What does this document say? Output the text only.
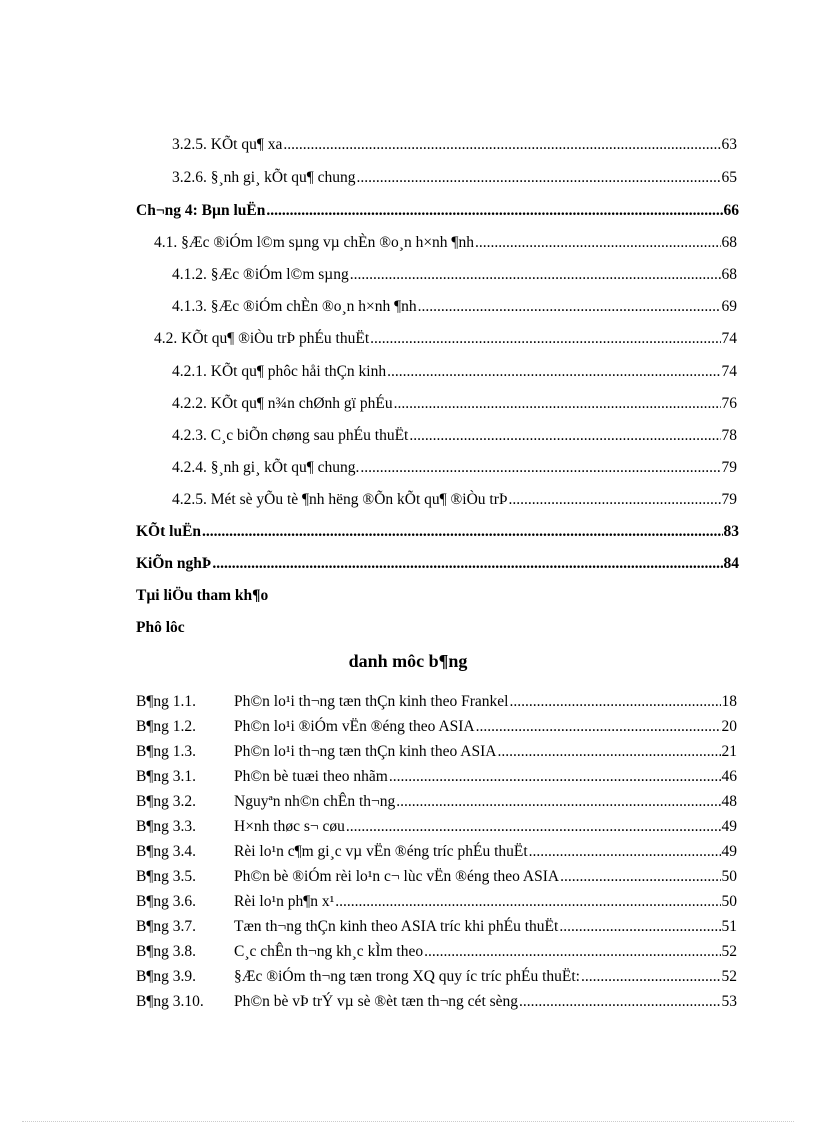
3.2.5. KÕt qu¶ xa .....	63
3.2.6. §¸nh gi¸ kÕt qu¶ chung .....	65
Ch¬ng 4: Bµn luËn .....	66
4.1. §Æc ®iÓm l©m sµng vµ chÈn ®o¸n h×nh ¶nh .....	68
4.1.2. §Æc ®iÓm l©m sµng .....	68
4.1.3. §Æc ®iÓm chÈn ®o¸n h×nh ¶nh .....	69
4.2. KÕt qu¶ ®iÒu trÞ phÉu thuËt .....	74
4.2.1. KÕt qu¶ phôc håi thÇn kinh .....	74
4.2.2. KÕt qu¶ n¾n chØnh gï phÉu .....	76
4.2.3. C¸c biÕn chøng sau phÉu thuËt .....	78
4.2.4. §¸nh gi¸ kÕt qu¶ chung. .....	79
4.2.5. Mét sè yÕu tè ¶nh hëng ®Õn kÕt qu¶ ®iÒu trÞ .....	79
KÕt luËn .....	83
KiÕn nghÞ .....	84
Tµi liÖu tham kh¶o
Phô lôc
danh môc b¶ng
B¶ng 1.1.	Ph©n lo¹i th¬ng tæn thÇn kinh theo Frankel .....	18
B¶ng 1.2.	Ph©n lo¹i ®iÓm vËn ®éng theo ASIA .....	20
B¶ng 1.3.	Ph©n lo¹i th¬ng tæn thÇn kinh theo ASIA .....	21
B¶ng 3.1.	Ph©n bè tuæi theo nhãm .....	46
B¶ng 3.2.	Nguyªn nh©n chÊn th¬ng .....	48
B¶ng 3.3.	H×nh thøc s¬ cøu .....	49
B¶ng 3.4.	Rèi lo¹n c¶m gi¸c vµ vËn ®éng tríc phÉu thuËt .....	49
B¶ng 3.5.	Ph©n bè ®iÓm rèi lo¹n c¬ lùc vËn ®éng theo ASIA .....	50
B¶ng 3.6.	Rèi lo¹n ph¶n x¹ .....	50
B¶ng 3.7.	Tæn th¬ng thÇn kinh theo ASIA tríc khi phÉu thuËt .....	51
B¶ng 3.8.	C¸c chÊn th¬ng kh¸c kÌm theo .....	52
B¶ng 3.9.	§Æc ®iÓm th¬ng tæn trong XQ quy íc tríc phÉu thuËt: .....	52
B¶ng 3.10.	Ph©n bè vÞ trÝ vµ sè ®èt tæn th¬ng cét sèng .....	53
